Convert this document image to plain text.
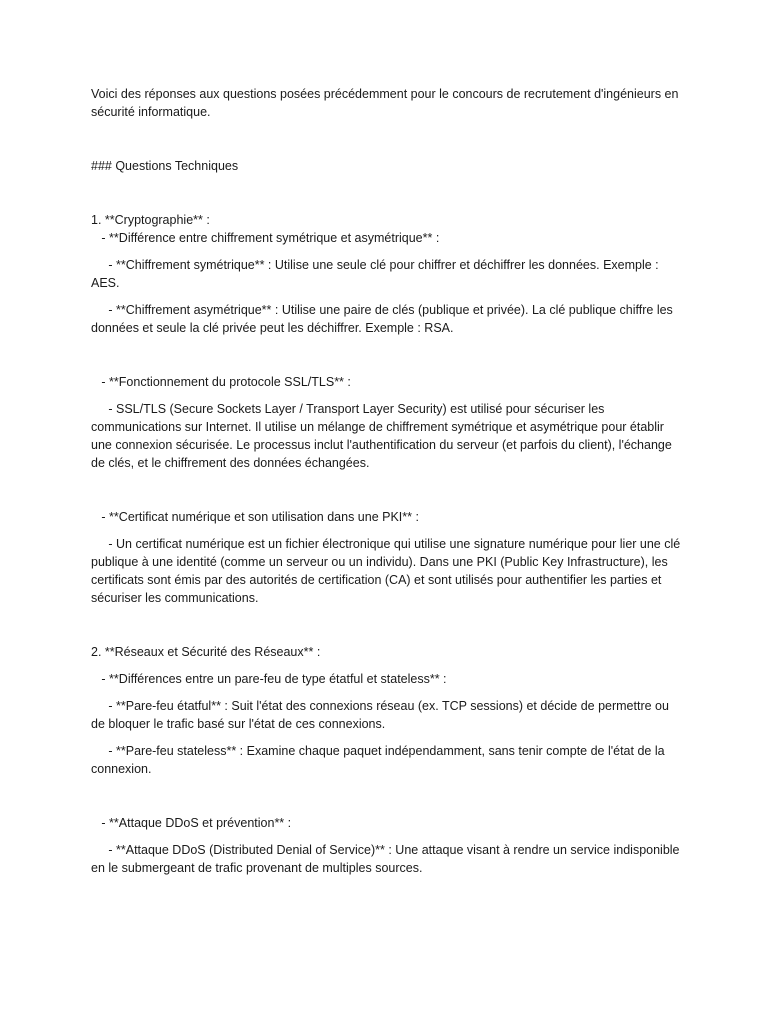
Voici des réponses aux questions posées précédemment pour le concours de recrutement d'ingénieurs en sécurité informatique.

### Questions Techniques

1. **Cryptographie** :

- **Différence entre chiffrement symétrique et asymétrique** :

- **Chiffrement symétrique** : Utilise une seule clé pour chiffrer et déchiffrer les données. Exemple : AES.

- **Chiffrement asymétrique** : Utilise une paire de clés (publique et privée). La clé publique chiffre les données et seule la clé privée peut les déchiffrer. Exemple : RSA.

- **Fonctionnement du protocole SSL/TLS** :

- SSL/TLS (Secure Sockets Layer / Transport Layer Security) est utilisé pour sécuriser les communications sur Internet. Il utilise un mélange de chiffrement symétrique et asymétrique pour établir une connexion sécurisée. Le processus inclut l'authentification du serveur (et parfois du client), l'échange de clés, et le chiffrement des données échangées.

- **Certificat numérique et son utilisation dans une PKI** :

- Un certificat numérique est un fichier électronique qui utilise une signature numérique pour lier une clé publique à une identité (comme un serveur ou un individu). Dans une PKI (Public Key Infrastructure), les certificats sont émis par des autorités de certification (CA) et sont utilisés pour authentifier les parties et sécuriser les communications.

2. **Réseaux et Sécurité des Réseaux** :

- **Différences entre un pare-feu de type étatful et stateless** :

- **Pare-feu étatful** : Suit l'état des connexions réseau (ex. TCP sessions) et décide de permettre ou de bloquer le trafic basé sur l'état de ces connexions.

- **Pare-feu stateless** : Examine chaque paquet indépendamment, sans tenir compte de l'état de la connexion.

- **Attaque DDoS et prévention** :

- **Attaque DDoS (Distributed Denial of Service)** : Une attaque visant à rendre un service indisponible en le submergeant de trafic provenant de multiples sources.
